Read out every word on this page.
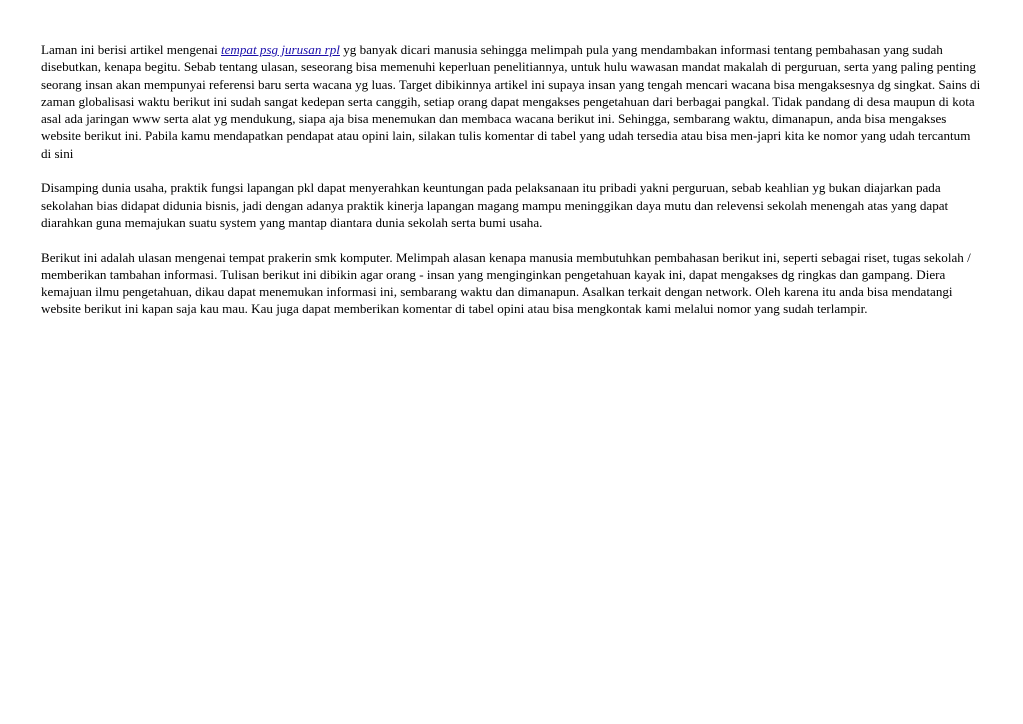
Laman ini berisi artikel mengenai tempat psg jurusan rpl yg banyak dicari manusia sehingga melimpah pula yang mendambakan informasi tentang pembahasan yang sudah disebutkan, kenapa begitu. Sebab tentang ulasan, seseorang bisa memenuhi keperluan penelitiannya, untuk hulu wawasan mandat makalah di perguruan, serta yang paling penting seorang insan akan mempunyai referensi baru serta wacana yg luas. Target dibikinnya artikel ini supaya insan yang tengah mencari wacana bisa mengaksesnya dg singkat. Sains di zaman globalisasi waktu berikut ini sudah sangat kedepan serta canggih, setiap orang dapat mengakses pengetahuan dari berbagai pangkal. Tidak pandang di desa maupun di kota asal ada jaringan www serta alat yg mendukung, siapa aja bisa menemukan dan membaca wacana berikut ini. Sehingga, sembarang waktu, dimanapun, anda bisa mengakses website berikut ini. Pabila kamu mendapatkan pendapat atau opini lain, silakan tulis komentar di tabel yang udah tersedia atau bisa men-japri kita ke nomor yang udah tercantum di sini

Disamping dunia usaha, praktik fungsi lapangan pkl dapat menyerahkan keuntungan pada pelaksanaan itu pribadi yakni perguruan, sebab keahlian yg bukan diajarkan pada sekolahan bias didapat didunia bisnis, jadi dengan adanya praktik kinerja lapangan magang mampu meninggikan daya mutu dan relevensi sekolah menengah atas yang dapat diarahkan guna memajukan suatu system yang mantap diantara dunia sekolah serta bumi usaha.

Berikut ini adalah ulasan mengenai tempat prakerin smk komputer. Melimpah alasan kenapa manusia membutuhkan pembahasan berikut ini, seperti sebagai riset, tugas sekolah / memberikan tambahan informasi. Tulisan berikut ini dibikin agar orang - insan yang menginginkan pengetahuan kayak ini, dapat mengakses dg ringkas dan gampang. Diera kemajuan ilmu pengetahuan, dikau dapat menemukan informasi ini, sembarang waktu dan dimanapun. Asalkan terkait dengan network. Oleh karena itu anda bisa mendatangi website berikut ini kapan saja kau mau. Kau juga dapat memberikan komentar di tabel opini atau bisa mengkontak kami melalui nomor yang sudah terlampir.
